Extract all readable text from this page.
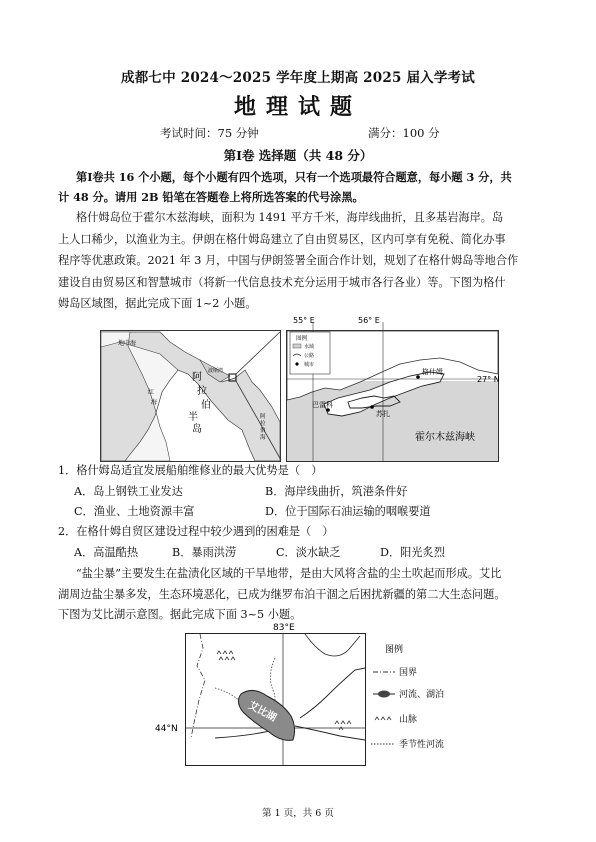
成都七中 2024～2025 学年度上期高 2025 届入学考试
地理试题
考试时间：75 分钟	满分：100 分
第Ⅰ卷 选择题（共 48 分）
第Ⅰ卷共 16 个小题，每个小题有四个选项，只有一个选项最符合题意，每小题 3 分，共
计 48 分。请用 2B 铅笔在答题卷上将所选答案的代号涂黑。
格什姆岛位于霍尔木兹海峡，面积为 1491 平方千米，海岸线曲折，且多基岩海岸。岛
上人口稀少，以渔业为主。伊朗在格什姆岛建立了自由贸易区，区内可享有免税、简化办事
程序等优惠政策。2021 年 3 月，中国与伊朗签署全面合作计划，规划了在格什姆岛等地合作
建设自由贸易区和智慧城市（将新一代信息技术充分运用于城市各行各业）等。下图为格什
姆岛区域图，据此完成下面 1~2 小题。
地中海
阿
拉
伯
半
岛
红
海
波斯湾
阿
拉
伯
海
55° E	56° E
27° N
图例
水域
公路
城市
格什姆
巴雷科
苏扎
霍尔木兹海峡
1．格什姆岛适宜发展船舶维修业的最大优势是（　）
A．岛上钢铁工业发达	B．海岸线曲折，筑港条件好
C．渔业、土地资源丰富	D．位于国际石油运输的咽喉要道
2．在格什姆自贸区建设过程中较少遇到的困难是（　）
A．高温酷热	B．暴雨洪涝	C．淡水缺乏	D．阳光炙烈
“盐尘暴”主要发生在盐渍化区域的干旱地带，是由大风将含盐的尘土吹起而形成。艾比
湖周边盐尘暴多发，生态环境恶化，已成为继罗布泊干涸之后困扰新疆的第二大生态问题。
下图为艾比湖示意图。据此完成下面 3~5 小题。
83°E
44°N
艾比湖
图例
国界
河流、湖泊
山脉
季节性河流
第 1 页，共 6 页
